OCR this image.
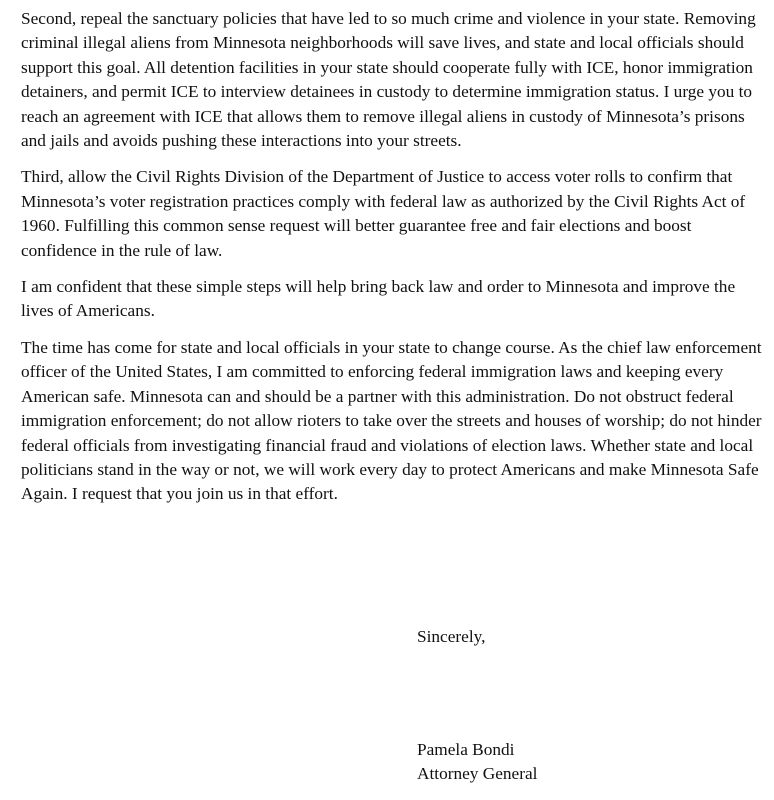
Second, repeal the sanctuary policies that have led to so much crime and violence in your state. Removing criminal illegal aliens from Minnesota neighborhoods will save lives, and state and local officials should support this goal. All detention facilities in your state should cooperate fully with ICE, honor immigration detainers, and permit ICE to interview detainees in custody to determine immigration status. I urge you to reach an agreement with ICE that allows them to remove illegal aliens in custody of Minnesota’s prisons and jails and avoids pushing these interactions into your streets.

Third, allow the Civil Rights Division of the Department of Justice to access voter rolls to confirm that Minnesota’s voter registration practices comply with federal law as authorized by the Civil Rights Act of 1960. Fulfilling this common sense request will better guarantee free and fair elections and boost confidence in the rule of law.

I am confident that these simple steps will help bring back law and order to Minnesota and improve the lives of Americans.

The time has come for state and local officials in your state to change course. As the chief law enforcement officer of the United States, I am committed to enforcing federal immigration laws and keeping every American safe. Minnesota can and should be a partner with this administration. Do not obstruct federal immigration enforcement; do not allow rioters to take over the streets and houses of worship; do not hinder federal officials from investigating financial fraud and violations of election laws. Whether state and local politicians stand in the way or not, we will work every day to protect Americans and make Minnesota Safe Again. I request that you join us in that effort.

Sincerely,

Pamela Bondi
Attorney General
